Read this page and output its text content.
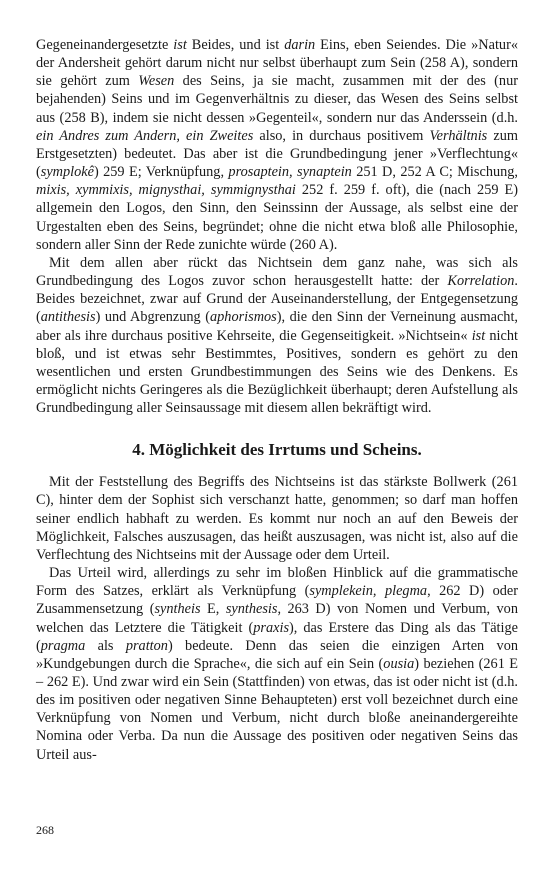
Gegeneinandergesetzte ist Beides, und ist darin Eins, eben Seiendes. Die »Natur« der Andersheit gehört darum nicht nur selbst überhaupt zum Sein (258 A), sondern sie gehört zum Wesen des Seins, ja sie macht, zusammen mit der des (nur bejahenden) Seins und im Gegenverhältnis zu dieser, das Wesen des Seins selbst aus (258 B), indem sie nicht dessen »Gegenteil«, sondern nur das Anderssein (d.h. ein Andres zum Andern, ein Zweites also, in durchaus positivem Verhältnis zum Erstgesetzten) bedeutet. Das aber ist die Grundbedingung jener »Verflechtung« (symplokê) 259 E; Verknüpfung, prosaptein, synaptein 251 D, 252 A C; Mischung, mixis, xymmixis, mignysthai, symmignysthai 252 f. 259 f. oft), die (nach 259 E) allgemein den Logos, den Sinn, den Seinssinn der Aussage, als selbst eine der Urgestalten eben des Seins, begründet; ohne die nicht etwa bloß alle Philosophie, sondern aller Sinn der Rede zunichte würde (260 A).

Mit dem allen aber rückt das Nichtsein dem ganz nahe, was sich als Grundbedingung des Logos zuvor schon herausgestellt hatte: der Korrelation. Beides bezeichnet, zwar auf Grund der Auseinanderstellung, der Entgegensetzung (antithesis) und Abgrenzung (aphorismos), die den Sinn der Verneinung ausmacht, aber als ihre durchaus positive Kehrseite, die Gegenseitigkeit. »Nichtsein« ist nicht bloß, und ist etwas sehr Bestimmtes, Positives, sondern es gehört zu den wesentlichen und ersten Grundbestimmungen des Seins wie des Denkens. Es ermöglicht nichts Geringeres als die Bezüglichkeit überhaupt; deren Aufstellung als Grundbedingung aller Seinsaussage mit diesem allen bekräftigt wird.

4. Möglichkeit des Irrtums und Scheins.

Mit der Feststellung des Begriffs des Nichtseins ist das stärkste Bollwerk (261 C), hinter dem der Sophist sich verschanzt hatte, genommen; so darf man hoffen seiner endlich habhaft zu werden. Es kommt nur noch an auf den Beweis der Möglichkeit, Falsches auszusagen, das heißt auszusagen, was nicht ist, also auf die Verflechtung des Nichtseins mit der Aussage oder dem Urteil.

Das Urteil wird, allerdings zu sehr im bloßen Hinblick auf die grammatische Form des Satzes, erklärt als Verknüpfung (symplekein, plegma, 262 D) oder Zusammensetzung (syntheis E, synthesis, 263 D) von Nomen und Verbum, von welchen das Letztere die Tätigkeit (praxis), das Erstere das Ding als das Tätige (pragma als pratton) bedeute. Denn das seien die einzigen Arten von »Kundgebungen durch die Sprache«, die sich auf ein Sein (ousia) beziehen (261 E – 262 E). Und zwar wird ein Sein (Stattfinden) von etwas, das ist oder nicht ist (d.h. des im positiven oder negativen Sinne Behaupteten) erst voll bezeichnet durch eine Verknüpfung von Nomen und Verbum, nicht durch bloße aneinandergereihte Nomina oder Verba. Da nun die Aussage des positiven oder negativen Seins das Urteil aus-

268
